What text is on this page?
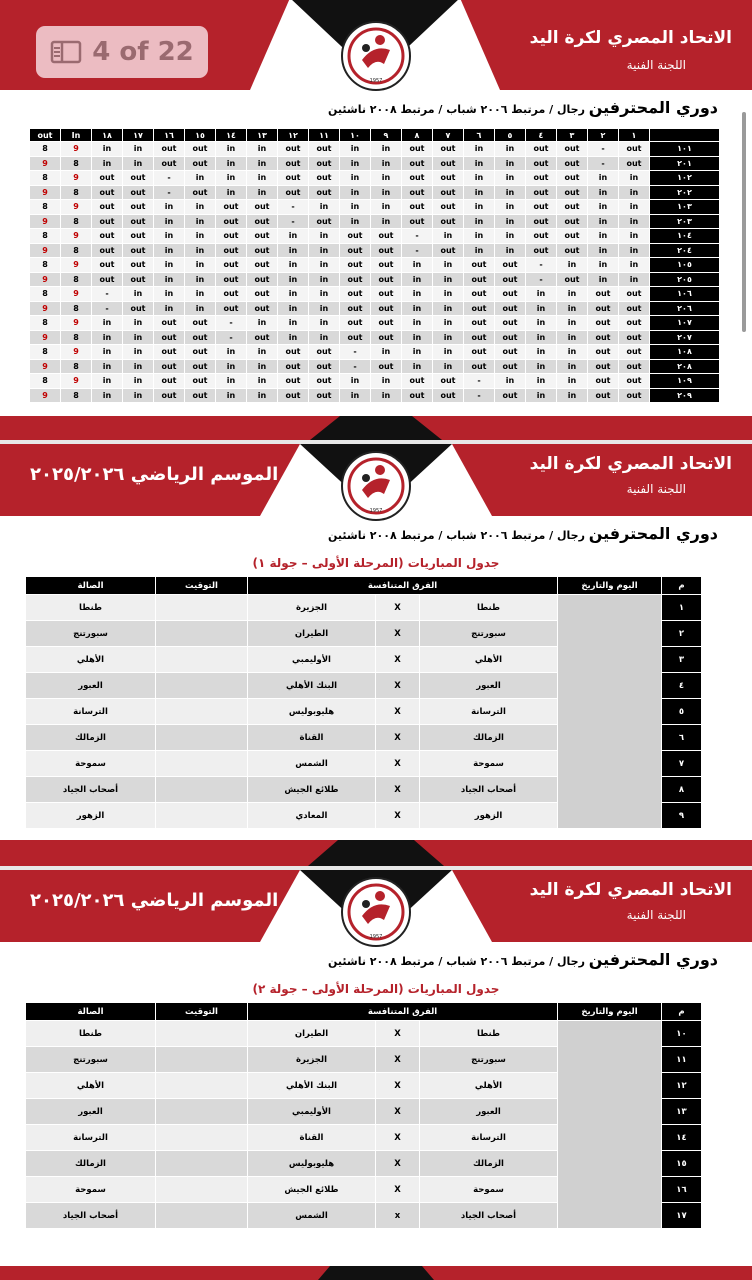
الاتحاد المصري لكرة اليد
اللجنة الفنية
1957
دوري المحترفين رجال / مرتبط ٢٠٠٦ شباب / مرتبط ٢٠٠٨ ناشئين
out	In	١٨	١٧	١٦	١٥	١٤	١٣	١٢	١١	١٠	٩	٨	٧	٦	٥	٤	٣	٢	١	
8	9	in	in	out	out	in	in	out	out	in	in	out	out	in	in	out	out	-	out	١٠١
9	8	in	in	out	out	in	in	out	out	in	in	out	out	in	in	out	out	-	out	٢٠١
8	9	out	out	-	in	in	in	out	out	in	in	out	out	in	in	out	out	in	in	١٠٢
9	8	out	out	-	out	in	in	out	out	in	in	out	out	in	in	out	out	in	in	٢٠٢
8	9	out	out	in	in	out	out	-	in	in	in	out	out	in	in	out	out	in	in	١٠٣
9	8	out	out	in	in	out	out	-	out	in	in	out	out	in	in	out	out	in	in	٢٠٣
8	9	out	out	in	in	out	out	in	in	out	out	-	in	in	in	out	out	in	in	١٠٤
9	8	out	out	in	in	out	out	in	in	out	out	-	out	in	in	out	out	in	in	٢٠٤
8	9	out	out	in	in	out	out	in	in	out	out	in	in	out	out	-	in	in	in	١٠٥
9	8	out	out	in	in	out	out	in	in	out	out	in	in	out	out	-	out	in	in	٢٠٥
8	9	-	in	in	in	out	out	in	in	out	out	in	in	out	out	in	in	out	out	١٠٦
9	8	-	out	in	in	out	out	in	in	out	out	in	in	out	out	in	in	out	out	٢٠٦
8	9	in	in	out	out	-	in	in	in	out	out	in	in	out	out	in	in	out	out	١٠٧
9	8	in	in	out	out	-	out	in	in	out	out	in	in	out	out	in	in	out	out	٢٠٧
8	9	in	in	out	out	in	in	out	out	-	in	in	in	out	out	in	in	out	out	١٠٨
9	8	in	in	out	out	in	in	out	out	-	out	in	in	out	out	in	in	out	out	٢٠٨
8	9	in	in	out	out	in	in	out	out	in	in	out	out	-	in	in	in	out	out	١٠٩
9	8	in	in	out	out	in	in	out	out	in	in	out	out	-	out	in	in	out	out	٢٠٩
الاتحاد المصري لكرة اليد
اللجنة الفنية
الموسم الرياضي ٢٠٢٥/٢٠٢٦
1957
دوري المحترفين رجال / مرتبط ٢٠٠٦ شباب / مرتبط ٢٠٠٨ ناشئين
جدول المباريات (المرحلة الأولى – جولة ١)
الصالة	التوقيت	الفرق المتنافسة			اليوم والتاريخ	م
طنطا		الجزيرة	X	طنطا		١
سبورتنج		الطيران	X	سبورتنج		٢
الأهلي		الأوليمبي	X	الأهلي		٣
العبور		البنك الأهلي	X	العبور		٤
الترسانة		هليوبوليس	X	الترسانة		٥
الزمالك		القناة	X	الزمالك		٦
سموحة		الشمس	X	سموحة		٧
أصحاب الجياد		طلائع الجيش	X	أصحاب الجياد		٨
الزهور		المعادي	X	الزهور		٩
الاتحاد المصري لكرة اليد
اللجنة الفنية
الموسم الرياضي ٢٠٢٥/٢٠٢٦
1957
دوري المحترفين رجال / مرتبط ٢٠٠٦ شباب / مرتبط ٢٠٠٨ ناشئين
جدول المباريات (المرحلة الأولى – جولة ٢)
الصالة	التوقيت	الفرق المتنافسة			اليوم والتاريخ	م
طنطا		الطيران	X	طنطا		١٠
سبورتنج		الجزيرة	X	سبورتنج		١١
الأهلي		البنك الأهلي	X	الأهلي		١٢
العبور		الأوليمبي	X	العبور		١٣
الترسانة		القناة	X	الترسانة		١٤
الزمالك		هليوبوليس	X	الزمالك		١٥
سموحة		طلائع الجيش	X	سموحة		١٦
أصحاب الجياد		الشمس	x	أصحاب الجياد		١٧
4 of 22
